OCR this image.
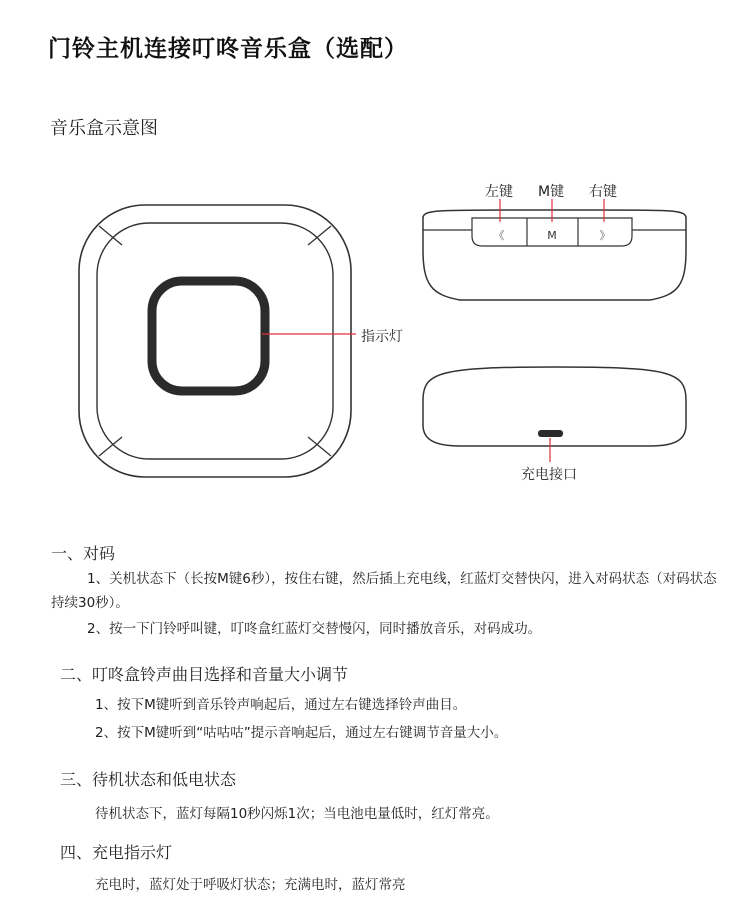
门铃主机连接叮咚音乐盒（选配）
音乐盒示意图
《	M	》
左键 M键 右键
指示灯
充电接口
一、对码
1、关机状态下（长按M键6秒），按住右键，然后插上充电线，红蓝灯交替快闪，进入对码状态（对码状态持续30秒）。
2、按一下门铃呼叫键，叮咚盒红蓝灯交替慢闪，同时播放音乐，对码成功。
二、叮咚盒铃声曲目选择和音量大小调节
1、按下M键听到音乐铃声响起后，通过左右键选择铃声曲目。
2、按下M键听到“咕咕咕”提示音响起后，通过左右键调节音量大小。
三、待机状态和低电状态
待机状态下，蓝灯每隔10秒闪烁1次；当电池电量低时，红灯常亮。
四、充电指示灯
充电时，蓝灯处于呼吸灯状态；充满电时，蓝灯常亮
